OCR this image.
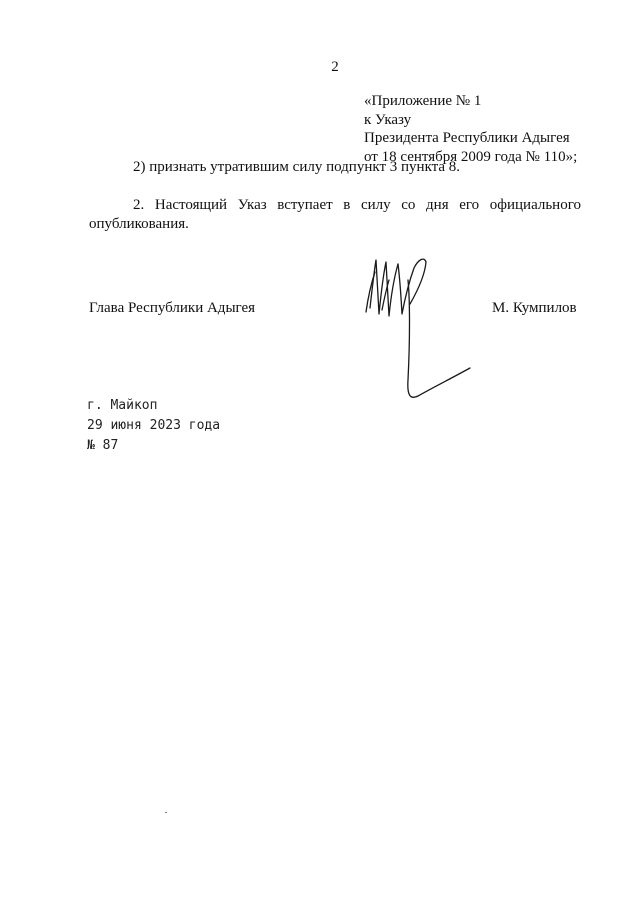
2
«Приложение № 1
к Указу
Президента Республики Адыгея
от 18 сентября 2009 года № 110»;
2) признать утратившим силу подпункт 3 пункта 8.
2. Настоящий Указ вступает в силу со дня его официального опубликования.
Глава Республики Адыгея	М. Кумпилов
г. Майкоп
29 июня 2023 года
№ 87
